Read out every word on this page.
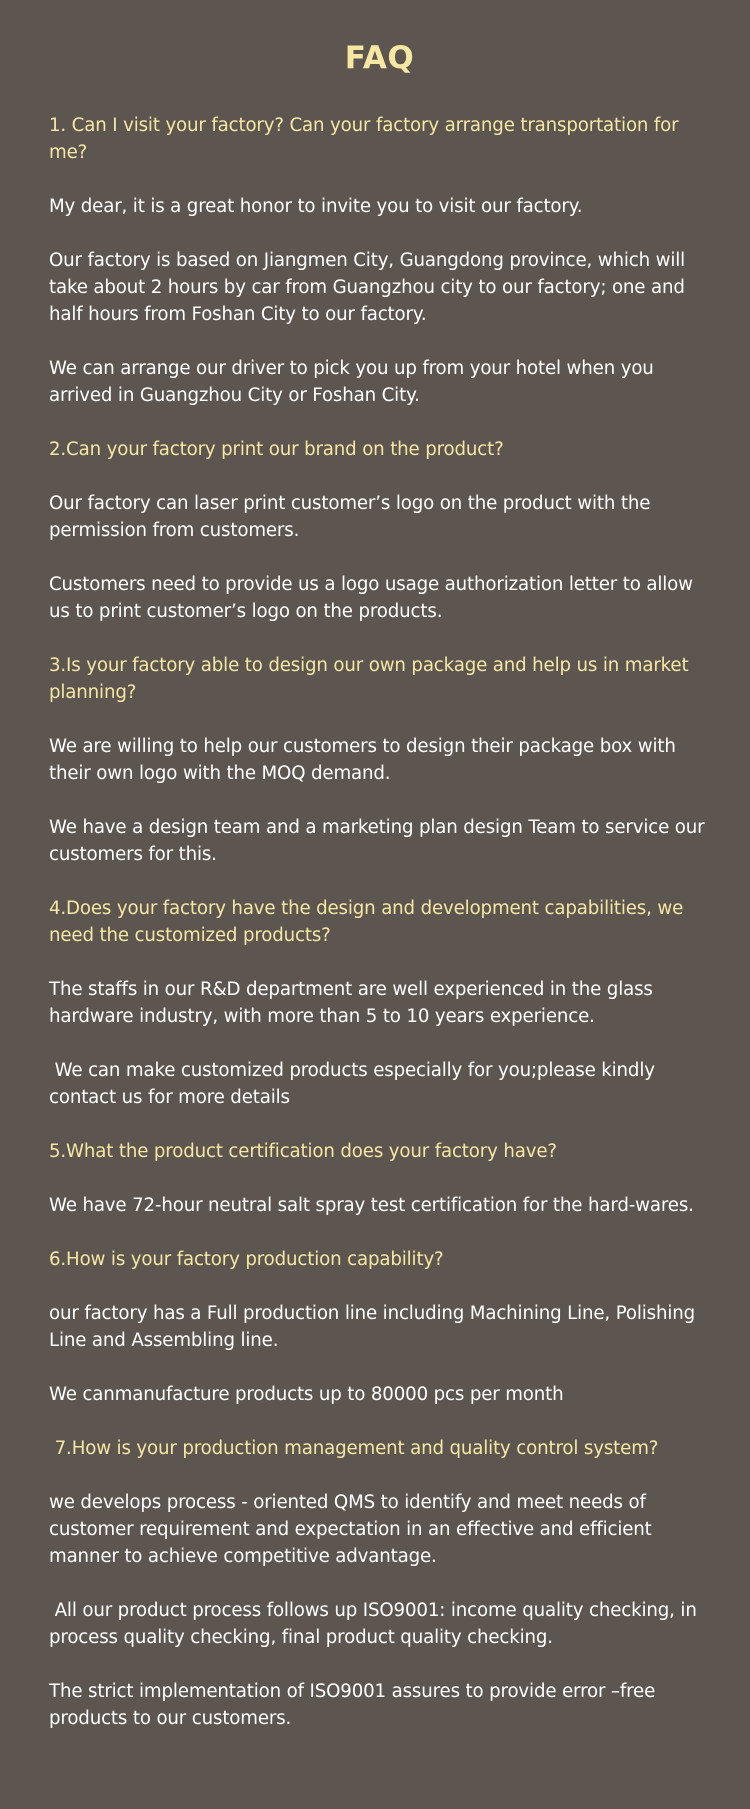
FAQ
1. Can I visit your factory? Can your factory arrange transportation for me?
My dear, it is a great honor to invite you to visit our factory.
Our factory is based on Jiangmen City, Guangdong province, which will take about 2 hours by car from Guangzhou city to our factory; one and half hours from Foshan City to our factory.
We can arrange our driver to pick you up from your hotel when you arrived in Guangzhou City or Foshan City.
2.Can your factory print our brand on the product?
Our factory can laser print customer’s logo on the product with the permission from customers.
Customers need to provide us a logo usage authorization letter to allow us to print customer’s logo on the products.
3.Is your factory able to design our own package and help us in market planning?
We are willing to help our customers to design their package box with their own logo with the MOQ demand.
We have a design team and a marketing plan design Team to service our customers for this.
4.Does your factory have the design and development capabilities, we need the customized products?
The staffs in our R&D department are well experienced in the glass hardware industry, with more than 5 to 10 years experience.
We can make customized products especially for you;please kindly contact us for more details
5.What the product certification does your factory have?
We have 72-hour neutral salt spray test certification for the hard-wares.
6.How is your factory production capability?
our factory has a Full production line including Machining Line, Polishing Line and Assembling line.
We canmanufacture products up to 80000 pcs per month
7.How is your production management and quality control system?
we develops process - oriented QMS to identify and meet needs of customer requirement and expectation in an effective and efficient manner to achieve competitive advantage.
All our product process follows up ISO9001: income quality checking, in process quality checking, final product quality checking.
The strict implementation of ISO9001 assures to provide error –free products to our customers.
